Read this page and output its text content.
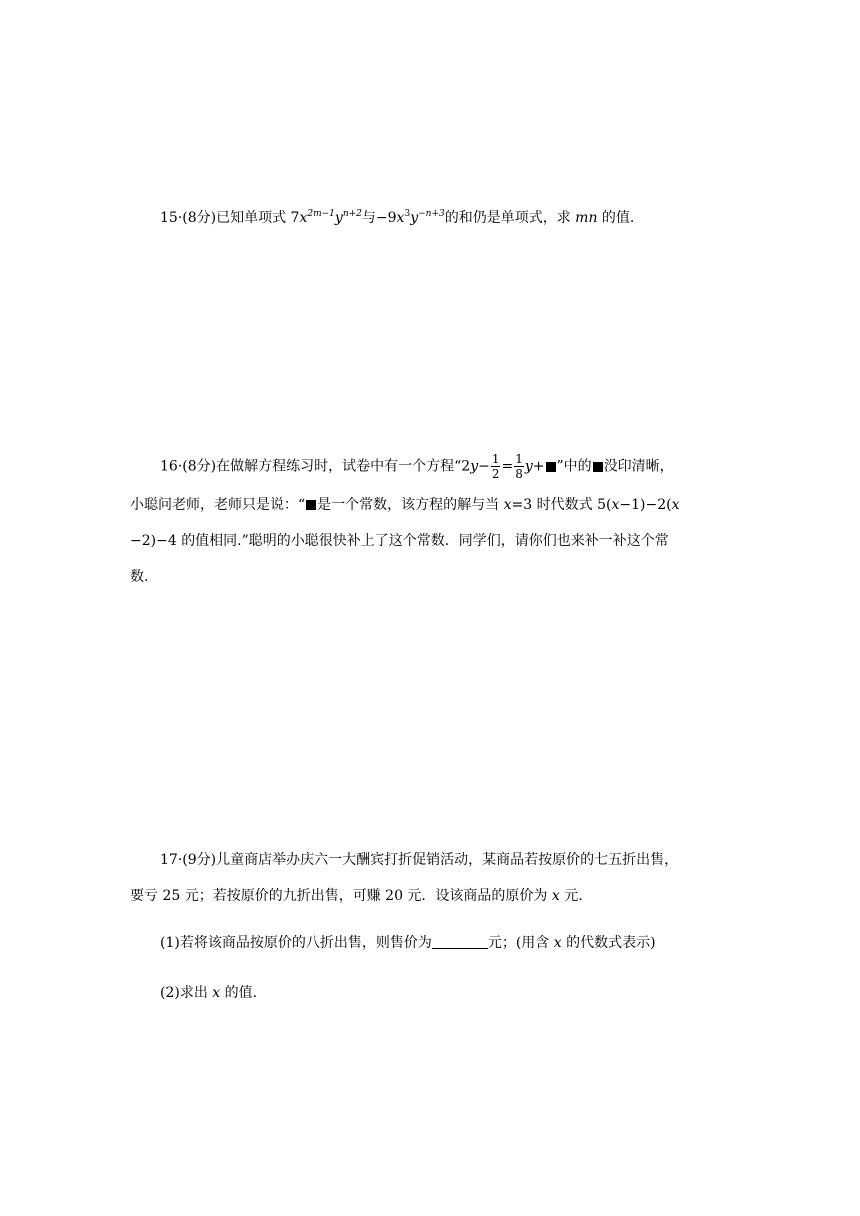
15·(8分)已知单项式 $7x^{2m-1}y^{n+2}$与$-9x^3y^{-n+3}$的和仍是单项式，求 mn 的值.
16·(8分)在做解方程练习时，试卷中有一个方程“$2y- \frac{1}{2} = \frac{1}{8} y+$ ”中的 没印清晰，
小聪问老师，老师只是说：“ 是一个常数，该方程的解与当 x=3 时代数式 5(x−1)−2(x
−2)−4 的值相同.”聪明的小聪很快补上了这个常数．同学们，请你们也来补一补这个常
数.
17·(9分)儿童商店举办庆六一大酬宾打折促销活动，某商品若按原价的七五折出售，
要亏 25 元；若按原价的九折出售，可赚 20 元．设该商品的原价为 x 元.
(1)若将该商品按原价的八折出售，则售价为	元；(用含 x 的代数式表示)
(2)求出 x 的值.
